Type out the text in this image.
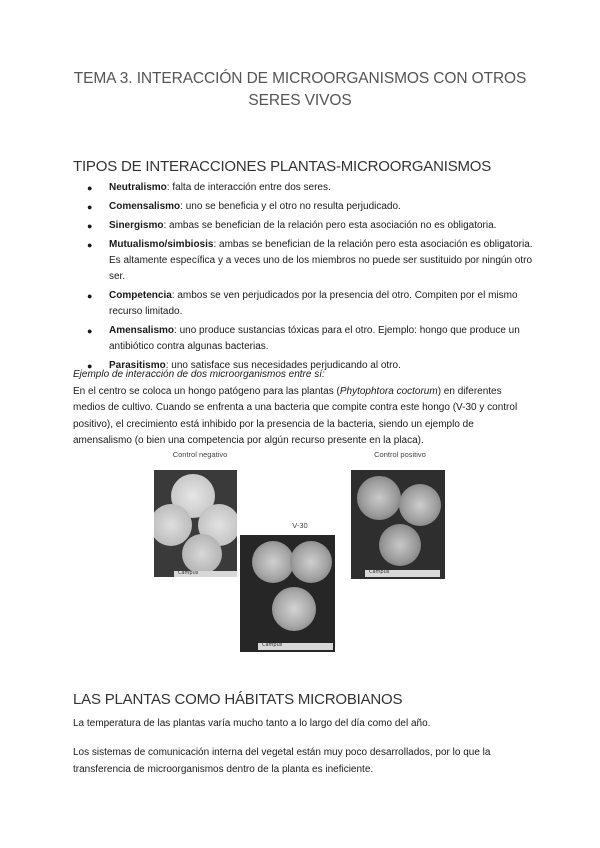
TEMA 3. INTERACCIÓN DE MICROORGANISMOS CON OTROS SERES VIVOS
TIPOS DE INTERACCIONES PLANTAS-MICROORGANISMOS
● Neutralismo: falta de interacción entre dos seres.
● Comensalismo: uno se beneficia y el otro no resulta perjudicado.
● Sinergismo: ambas se benefician de la relación pero esta asociación no es obligatoria.
● Mutualismo/simbiosis: ambas se benefician de la relación pero esta asociación es obligatoria. Es altamente específica y a veces uno de los miembros no puede ser sustituido por ningún otro ser.
● Competencia: ambos se ven perjudicados por la presencia del otro. Compiten por el mismo recurso limitado.
● Amensalismo: uno produce sustancias tóxicas para el otro. Ejemplo: hongo que produce un antibiótico contra algunas bacterias.
● Parasitismo: uno satisface sus necesidades perjudicando al otro.
Ejemplo de interacción de dos microorganismos entre sí:
En el centro se coloca un hongo patógeno para las plantas (Phytophtora coctorum) en diferentes medios de cultivo. Cuando se enfrenta a una bacteria que compite contra este hongo (V-30 y control positivo), el crecimiento está inhibido por la presencia de la bacteria, siendo un ejemplo de amensalismo (o bien una competencia por algún recurso presente en la placa).
Control negativo
Campus
V-30
Campus
Control positivo
Campus
LAS PLANTAS COMO HÁBITATS MICROBIANOS
La temperatura de las plantas varía mucho tanto a lo largo del día como del año.
Los sistemas de comunicación interna del vegetal están muy poco desarrollados, por lo que la transferencia de microorganismos dentro de la planta es ineficiente.
